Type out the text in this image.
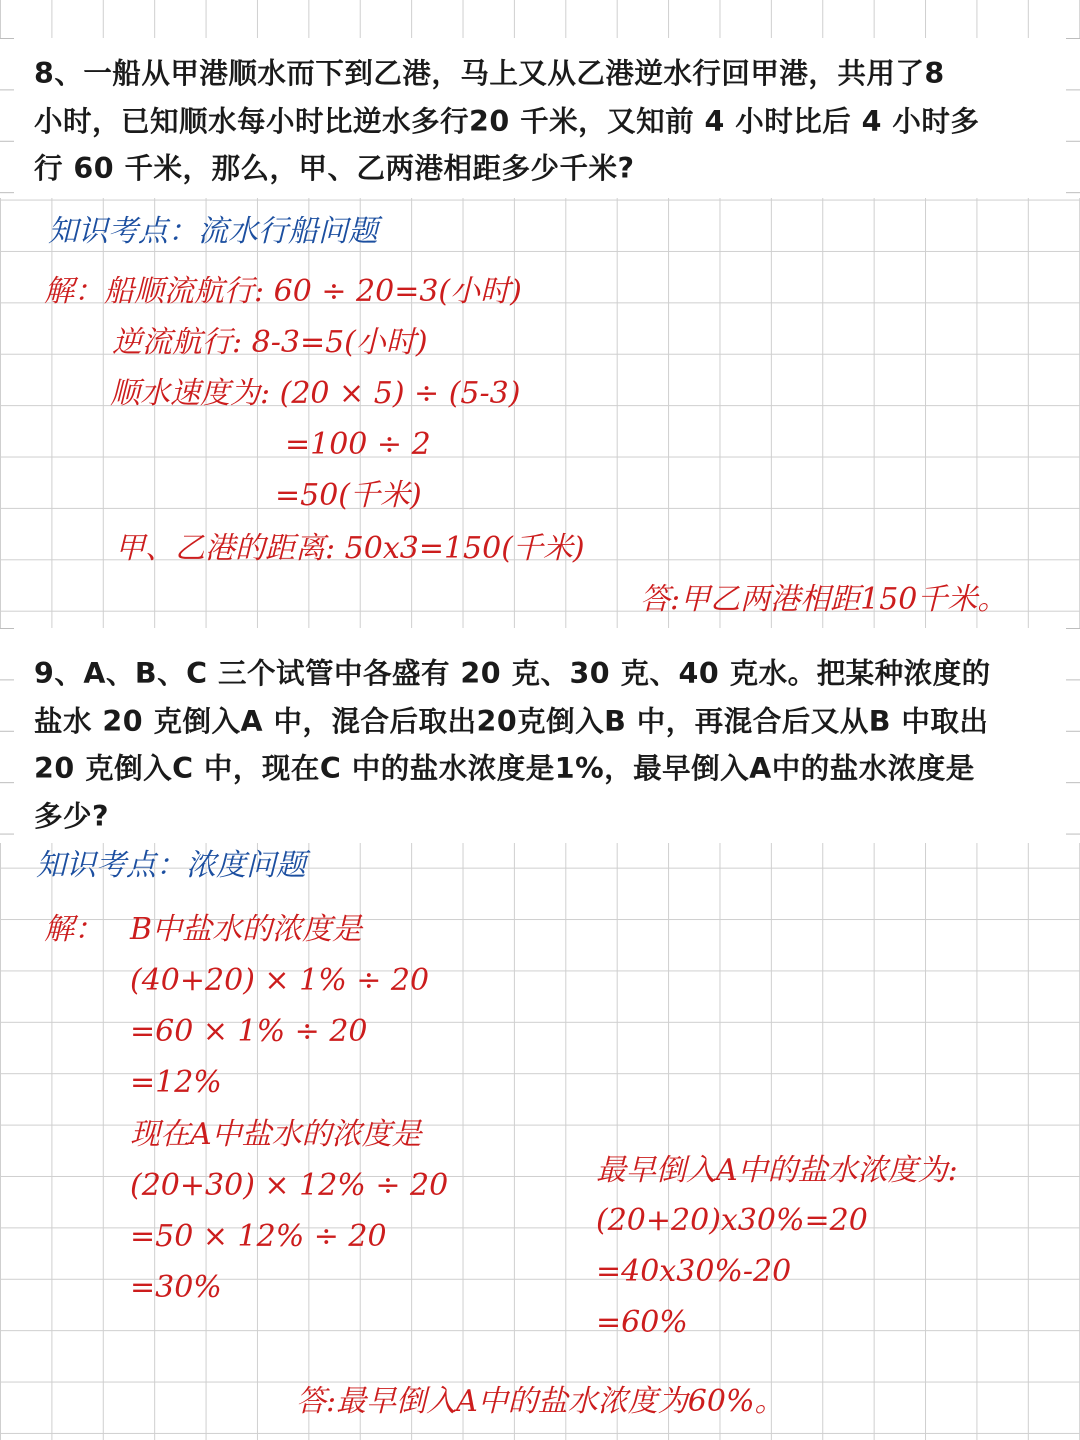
8、一船从甲港顺水而下到乙港，马上又从乙港逆水行回甲港，共用了8
小时，已知顺水每小时比逆水多行20 千米，又知前 4 小时比后 4 小时多
行 60 千米，那么，甲、乙两港相距多少千米?
知识考点：流水行船问题
解：船顺流航行: 60 ÷ 20=3(小时)
逆流航行: 8-3=5(小时)
顺水速度为: (20 × 5) ÷ (5-3)
=100 ÷ 2
=50(千米)
甲、乙港的距离: 50x3=150(千米)
答:甲乙两港相距150千米。
9、A、B、C 三个试管中各盛有 20 克、30 克、40 克水。把某种浓度的
盐水 20 克倒入A 中，混合后取出20克倒入B 中，再混合后又从B 中取出
20 克倒入C 中，现在C 中的盐水浓度是1%，最早倒入A中的盐水浓度是
多少?
知识考点：浓度问题
解： B中盐水的浓度是
(40+20) × 1% ÷ 20
=60 × 1% ÷ 20
=12%
现在A中盐水的浓度是
(20+30) × 12% ÷ 20
=50 × 12% ÷ 20
=30%
最早倒入A中的盐水浓度为:
(20+20)x30%=20
=40x30%-20
=60%
答:最早倒入A中的盐水浓度为60%。
